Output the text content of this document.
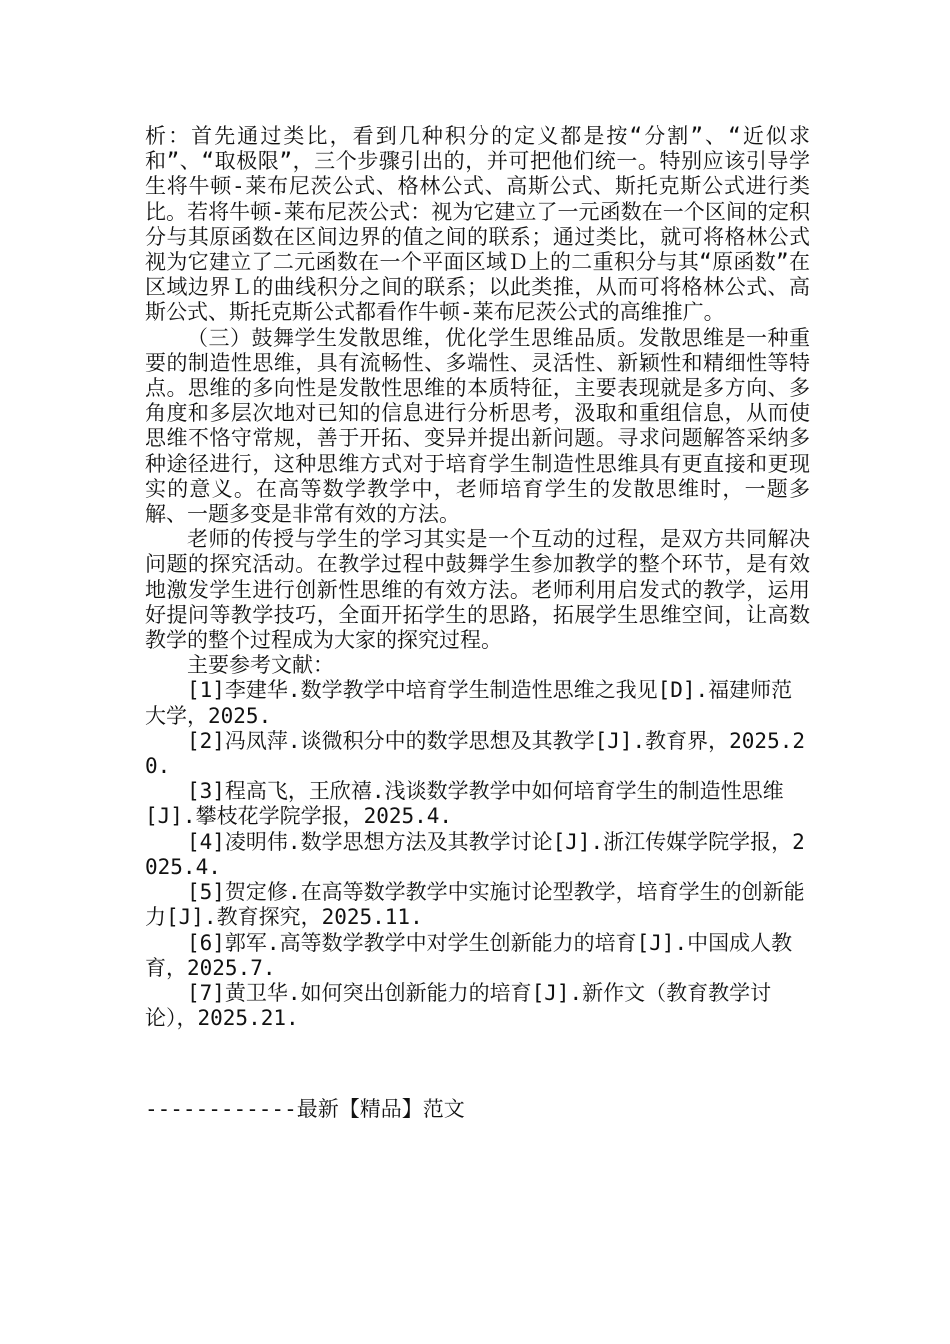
析：首先通过类比，看到几种积分的定义都是按“分割”、“近似求和”、“取极限”，三个步骤引出的，并可把他们统一。特别应该引导学生将牛顿-莱布尼茨公式、格林公式、高斯公式、斯托克斯公式进行类比。若将牛顿-莱布尼茨公式：视为它建立了一元函数在一个区间的定积分与其原函数在区间边界的值之间的联系；通过类比，就可将格林公式视为它建立了二元函数在一个平面区域Ｄ上的二重积分与其“原函数”在区域边界Ｌ的曲线积分之间的联系；以此类推，从而可将格林公式、高斯公式、斯托克斯公式都看作牛顿-莱布尼茨公式的高维推广。

（三）鼓舞学生发散思维，优化学生思维品质。发散思维是一种重要的制造性思维，具有流畅性、多端性、灵活性、新颖性和精细性等特点。思维的多向性是发散性思维的本质特征，主要表现就是多方向、多角度和多层次地对已知的信息进行分析思考，汲取和重组信息，从而使思维不恪守常规，善于开拓、变异并提出新问题。寻求问题解答采纳多种途径进行，这种思维方式对于培育学生制造性思维具有更直接和更现实的意义。在高等数学教学中，老师培育学生的发散思维时，一题多解、一题多变是非常有效的方法。

老师的传授与学生的学习其实是一个互动的过程，是双方共同解决问题的探究活动。在教学过程中鼓舞学生参加教学的整个环节，是有效地激发学生进行创新性思维的有效方法。老师利用启发式的教学，运用好提问等教学技巧，全面开拓学生的思路，拓展学生思维空间，让高数教学的整个过程成为大家的探究过程。

主要参考文献：

[1]李建华.数学教学中培育学生制造性思维之我见[D].福建师范大学，2025.

[2]冯凤萍.谈微积分中的数学思想及其教学[J].教育界，2025.20.

[3]程高飞，王欣禧.浅谈数学教学中如何培育学生的制造性思维[J].攀枝花学院学报，2025.4.

[4]凌明伟.数学思想方法及其教学讨论[J].浙江传媒学院学报，2025.4.

[5]贺定修.在高等数学教学中实施讨论型教学，培育学生的创新能力[J].教育探究，2025.11.

[6]郭军.高等数学教学中对学生创新能力的培育[J].中国成人教育，2025.7.

[7]黄卫华.如何突出创新能力的培育[J].新作文（教育教学讨论），2025.21.

------------最新【精品】范文
